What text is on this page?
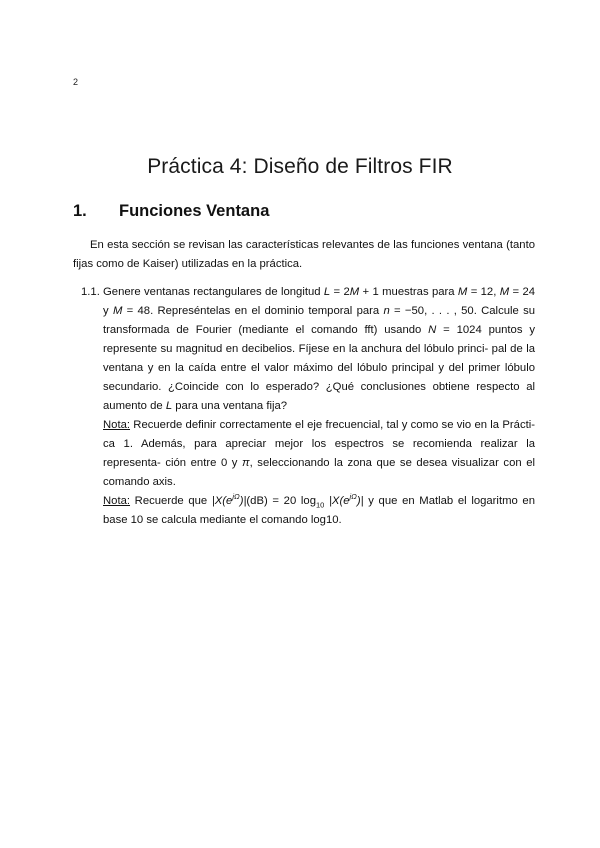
2
Práctica 4: Diseño de Filtros FIR
1.	Funciones Ventana

En esta sección se revisan las características relevantes de las funciones ventana (tanto fijas como de Kaiser) utilizadas en la práctica.

1.1. Genere ventanas rectangulares de longitud L = 2M + 1 muestras para M = 12, M = 24 y M = 48. Represéntelas en el dominio temporal para n = −50, . . . , 50. Calcule su transformada de Fourier (mediante el comando fft) usando N = 1024 puntos y represente su magnitud en decibelios. Fíjese en la anchura del lóbulo princi- pal de la ventana y en la caída entre el valor máximo del lóbulo principal y del primer lóbulo secundario. ¿Coincide con lo esperado? ¿Qué conclusiones obtiene respecto al aumento de L para una ventana fija?

Nota: Recuerde definir correctamente el eje frecuencial, tal y como se vio en la Prácti- ca 1. Además, para apreciar mejor los espectros se recomienda realizar la representa- ción entre 0 y π, seleccionando la zona que se desea visualizar con el comando axis.

Nota: Recuerde que $|X(e^{j\Omega})|(dB) = 20$ $\log_{10} |X(e^{j\Omega})|$ y que en Matlab el logaritmo en base 10 se calcula mediante el comando log10.
